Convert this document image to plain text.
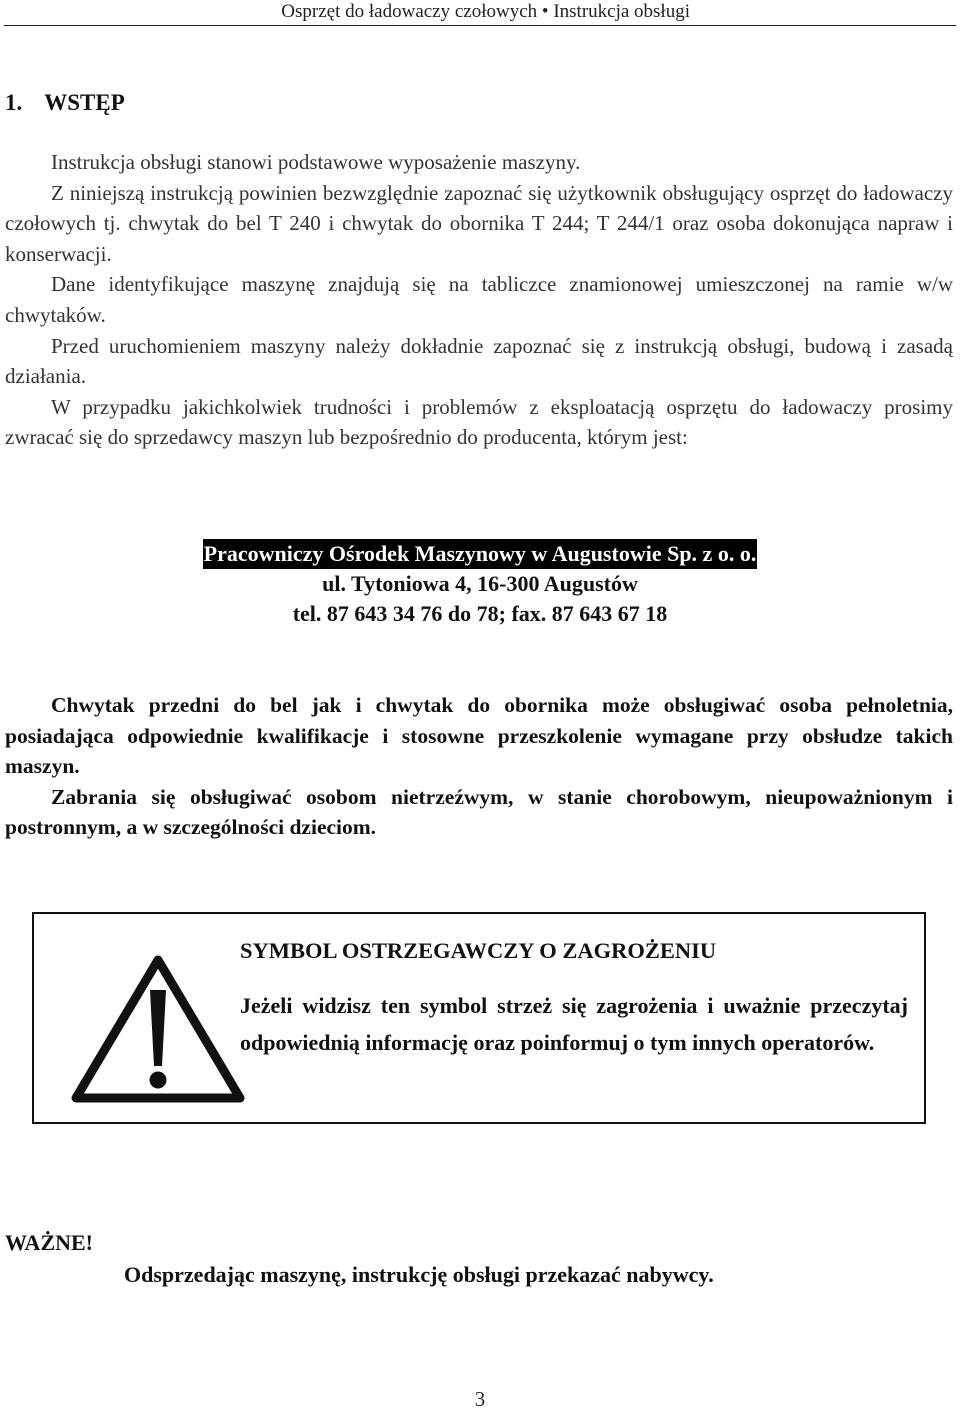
Osprzęt do ładowaczy czołowych • Instrukcja obsługi
1. WSTĘP

Instrukcja obsługi stanowi podstawowe wyposażenie maszyny.

Z niniejszą instrukcją powinien bezwzględnie zapoznać się użytkownik obsługujący osprzęt do ładowaczy czołowych tj. chwytak do bel T 240 i chwytak do obornika T 244; T 244/1 oraz osoba dokonująca napraw i konserwacji.

Dane identyfikujące maszynę znajdują się na tabliczce znamionowej umieszczonej na ramie w/w chwytaków.

Przed uruchomieniem maszyny należy dokładnie zapoznać się z instrukcją obsługi, budową i zasadą działania.

W przypadku jakichkolwiek trudności i problemów z eksploatacją osprzętu do ładowaczy prosimy zwracać się do sprzedawcy maszyn lub bezpośrednio do producenta, którym jest:

Pracowniczy Ośrodek Maszynowy w Augustowie Sp. z o. o.
ul. Tytoniowa 4, 16-300 Augustów
tel. 87 643 34 76 do 78; fax. 87 643 67 18

Chwytak przedni do bel jak i chwytak do obornika może obsługiwać osoba pełnoletnia, posiadająca odpowiednie kwalifikacje i stosowne przeszkolenie wymagane przy obsłudze takich maszyn.

Zabrania się obsługiwać osobom nietrzeźwym, w stanie chorobowym, nieupoważnionym i postronnym, a w szczególności dzieciom.

SYMBOL OSTRZEGAWCZY O ZAGROŻENIU
Jeżeli widzisz ten symbol strzeż się zagrożenia i uważnie przeczytaj odpowiednią informację oraz poinformuj o tym innych operatorów.
WAŻNE!
Odsprzedając maszynę, instrukcję obsługi przekazać nabywcy.
3
